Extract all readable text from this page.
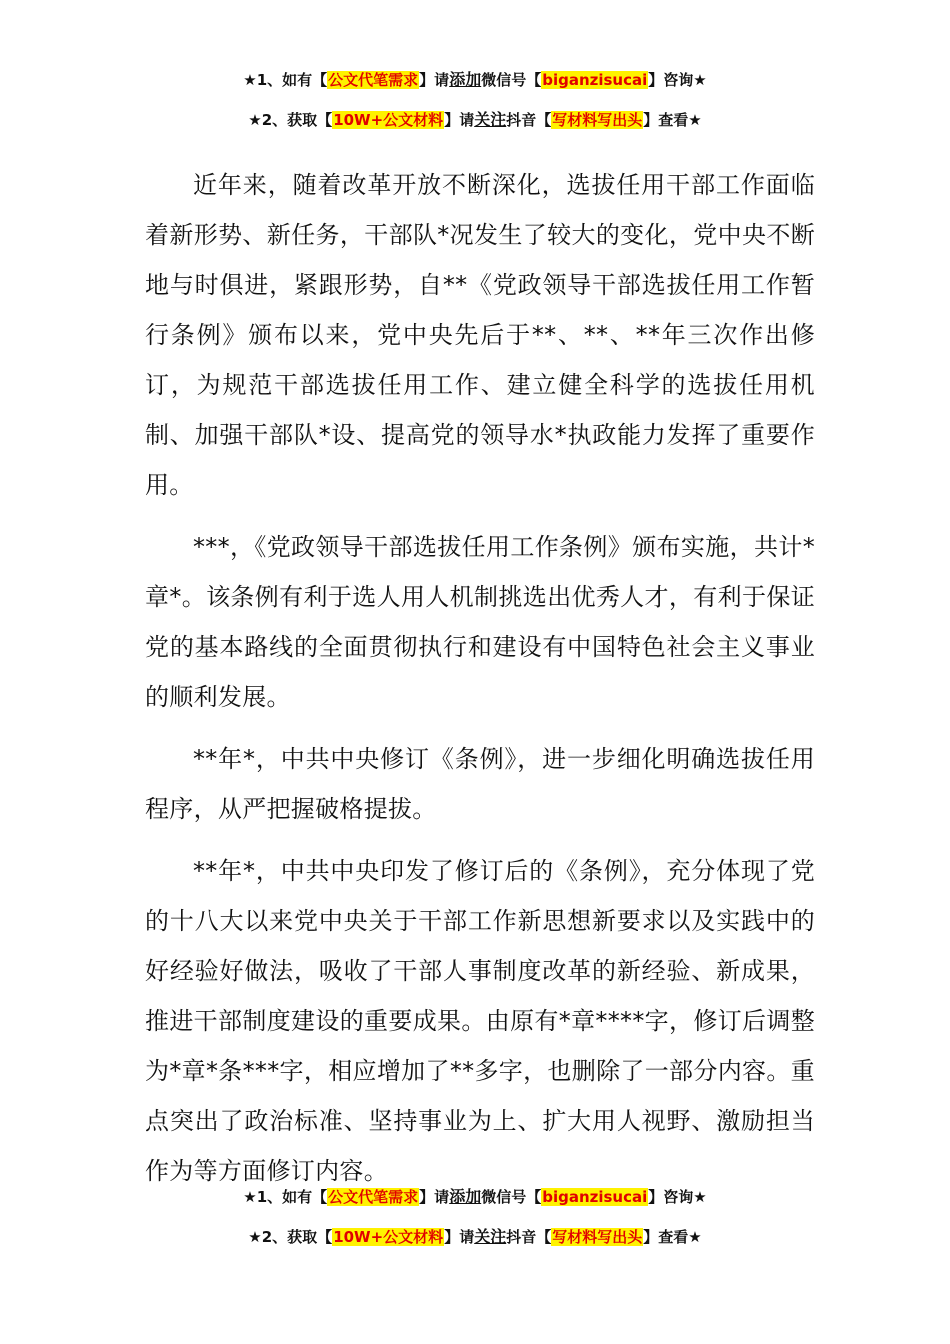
★1、如有【公文代笔需求】请添加微信号【biganzisucai】咨询★
★2、获取【10W+公文材料】请关注抖音【写材料写出头】查看★

近年来，随着改革开放不断深化，选拔任用干部工作面临着新形势、新任务，干部队*况发生了较大的变化，党中央不断地与时俱进，紧跟形势，自**《党政领导干部选拔任用工作暂行条例》颁布以来，党中央先后于**、**、**年三次作出修订，为规范干部选拔任用工作、建立健全科学的选拔任用机制、加强干部队*设、提高党的领导水*执政能力发挥了重要作用。

***，《党政领导干部选拔任用工作条例》颁布实施，共计*章*。该条例有利于选人用人机制挑选出优秀人才，有利于保证党的基本路线的全面贯彻执行和建设有中国特色社会主义事业的顺利发展。

**年*，中共中央修订《条例》，进一步细化明确选拔任用程序，从严把握破格提拔。

**年*，中共中央印发了修订后的《条例》，充分体现了党的十八大以来党中央关于干部工作新思想新要求以及实践中的好经验好做法，吸收了干部人事制度改革的新经验、新成果，推进干部制度建设的重要成果。由原有*章****字，修订后调整为*章*条***字，相应增加了**多字，也删除了一部分内容。重点突出了政治标准、坚持事业为上、扩大用人视野、激励担当作为等方面修订内容。

★1、如有【公文代笔需求】请添加微信号【biganzisucai】咨询★
★2、获取【10W+公文材料】请关注抖音【写材料写出头】查看★
